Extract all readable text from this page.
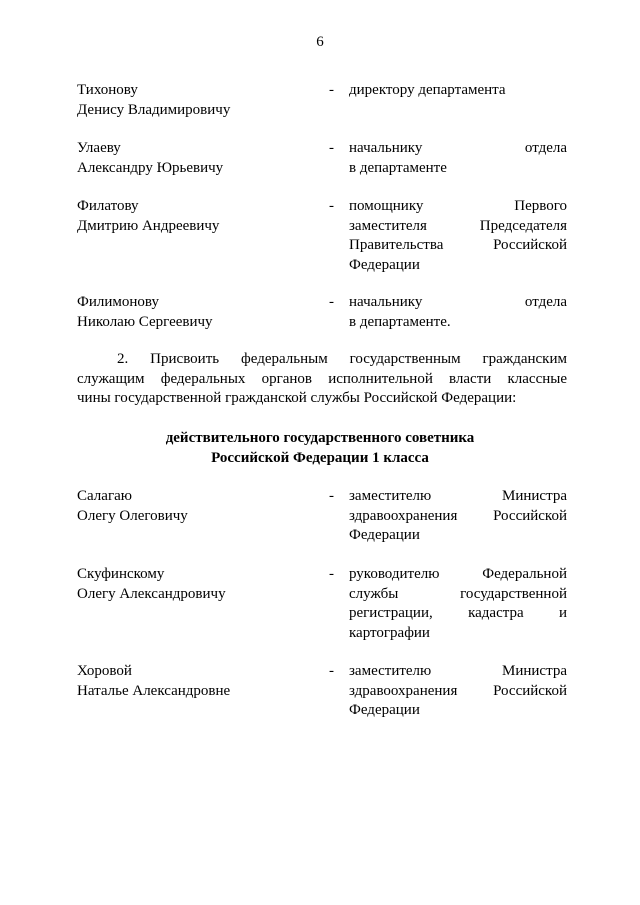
6
Тихонову
Денису Владимировичу
- директору департамента
Улаеву
Александру Юрьевичу
- начальнику отдела
в департаменте
Филатову
Дмитрию Андреевичу
- помощнику Первого
заместителя Председателя
Правительства Российской
Федерации
Филимонову
Николаю Сергеевичу
- начальнику отдела
в департаменте.
2. Присвоить федеральным государственным гражданским
служащим федеральных органов исполнительной власти классные
чины государственной гражданской службы Российской Федерации:
действительного государственного советника
Российской Федерации 1 класса
Салагаю
Олегу Олеговичу
- заместителю Министра
здравоохранения Российской
Федерации
Скуфинскому
Олегу Александровичу
- руководителю Федеральной
службы государственной
регистрации, кадастра и
картографии
Хоровой
Наталье Александровне
- заместителю Министра
здравоохранения Российской
Федерации
